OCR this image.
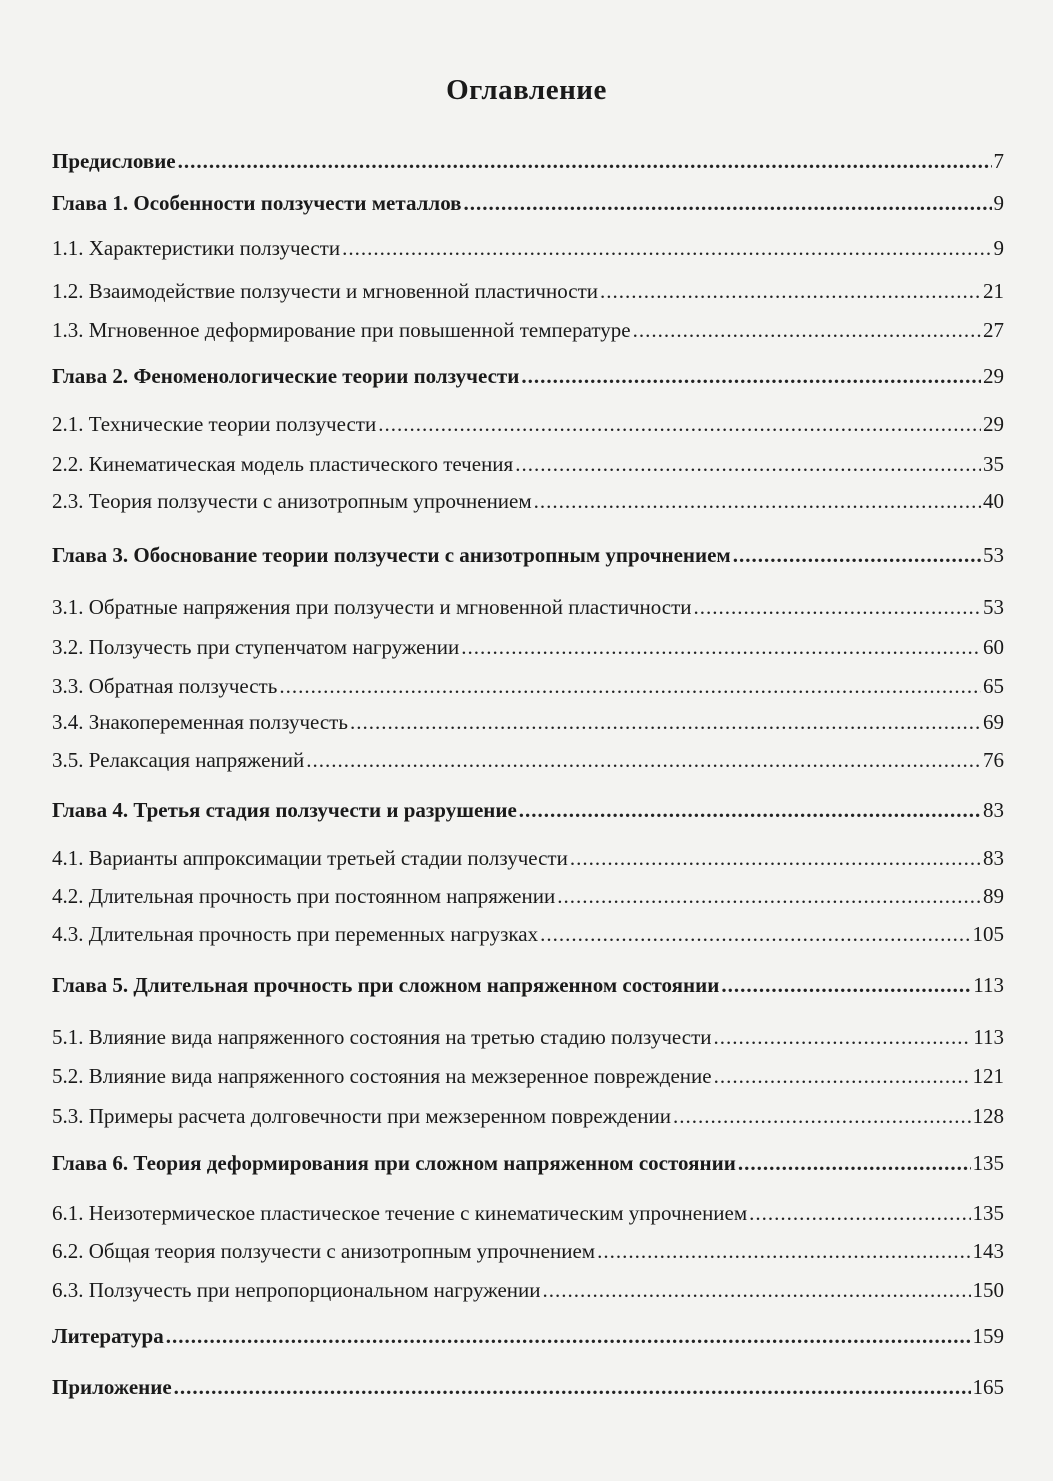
Оглавление
Предисловие .....	7
Глава 1. Особенности ползучести металлов .....	9
1.1. Характеристики ползучести .....	9
1.2. Взаимодействие ползучести и мгновенной пластичности .....	21
1.3. Мгновенное деформирование при повышенной температуре .....	27
Глава 2. Феноменологические теории ползучести .....	29
2.1. Технические теории ползучести .....	29
2.2. Кинематическая модель пластического течения .....	35
2.3. Теория ползучести с анизотропным упрочнением .....	40
Глава 3. Обоснование теории ползучести с анизотропным упрочнением .....	53
3.1. Обратные напряжения при ползучести и мгновенной пластичности .....	53
3.2. Ползучесть при ступенчатом нагружении .....	60
3.3. Обратная ползучесть .....	65
3.4. Знакопеременная ползучесть .....	69
3.5. Релаксация напряжений .....	76
Глава 4. Третья стадия ползучести и разрушение .....	83
4.1. Варианты аппроксимации третьей стадии ползучести .....	83
4.2. Длительная прочность при постоянном напряжении .....	89
4.3. Длительная прочность при переменных нагрузках .....	105
Глава 5. Длительная прочность при сложном напряженном состоянии .....	113
5.1. Влияние вида напряженного состояния на третью стадию ползучести .....	113
5.2. Влияние вида напряженного состояния на межзеренное повреждение .....	121
5.3. Примеры расчета долговечности при межзеренном повреждении .....	128
Глава 6. Теория деформирования при сложном напряженном состоянии .....	135
6.1. Неизотермическое пластическое течение с кинематическим упрочнением .....	135
6.2. Общая теория ползучести с анизотропным упрочнением .....	143
6.3. Ползучесть при непропорциональном нагружении .....	150
Литература .....	159
Приложение .....	165
